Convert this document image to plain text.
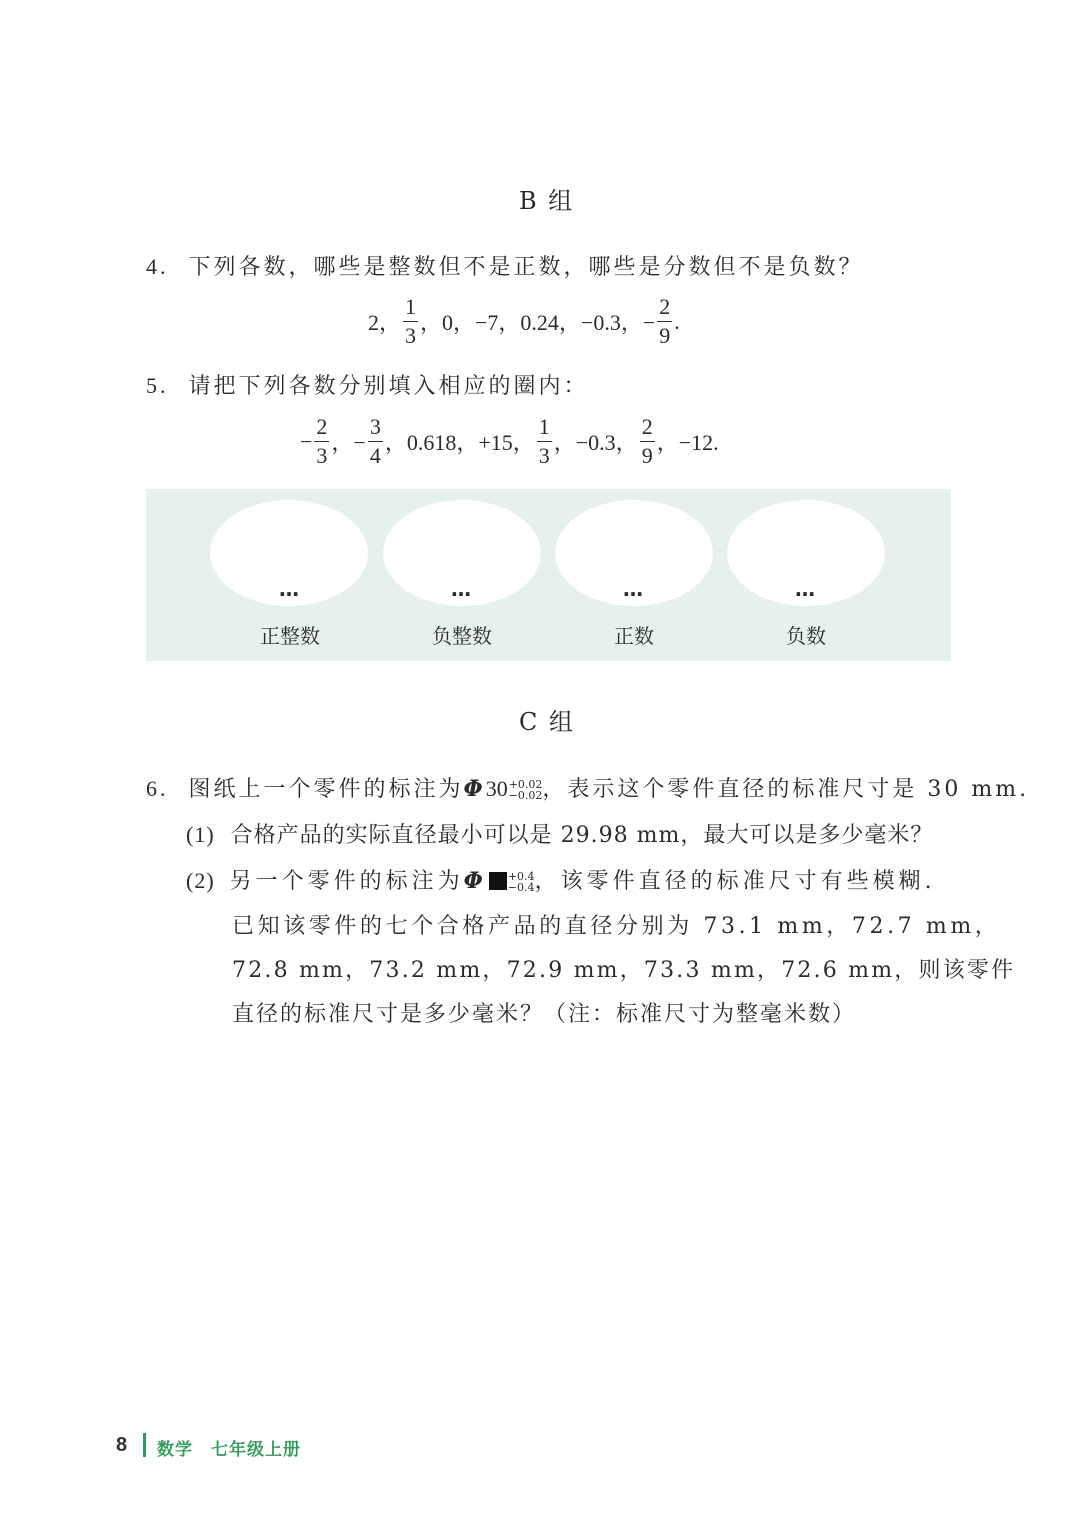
B 组
4. 下列各数，哪些是整数但不是正数，哪些是分数但不是负数？
2， $\frac{1}{3}$ ，0，−7，0.24，−0.3，− $\frac{2}{9}$ .
5. 请把下列各数分别填入相应的圈内：
− $\frac{2}{3}$ ，− $\frac{3}{4}$ ，0.618，+15， $\frac{1}{3}$ ，−0.3， $\frac{2}{9}$ ，−12.
…
正整数
…
负整数
…
正数
…
负数
C 组
6. 图纸上一个零件的标注为Φ30 +0.02
−0.02 ，表示这个零件直径的标准尺寸是 30 mm.
(1) 合格产品的实际直径最小可以是 29.98 mm，最大可以是多少毫米？
(2) 另一个零件的标注为Φ +0.4
−0.4 ，该零件直径的标准尺寸有些模糊.
已知该零件的七个合格产品的直径分别为 73.1 mm，72.7 mm，
72.8 mm，73.2 mm，72.9 mm，73.3 mm，72.6 mm，则该零件
直径的标准尺寸是多少毫米？（注：标准尺寸为整毫米数）
8 数学 七年级上册
